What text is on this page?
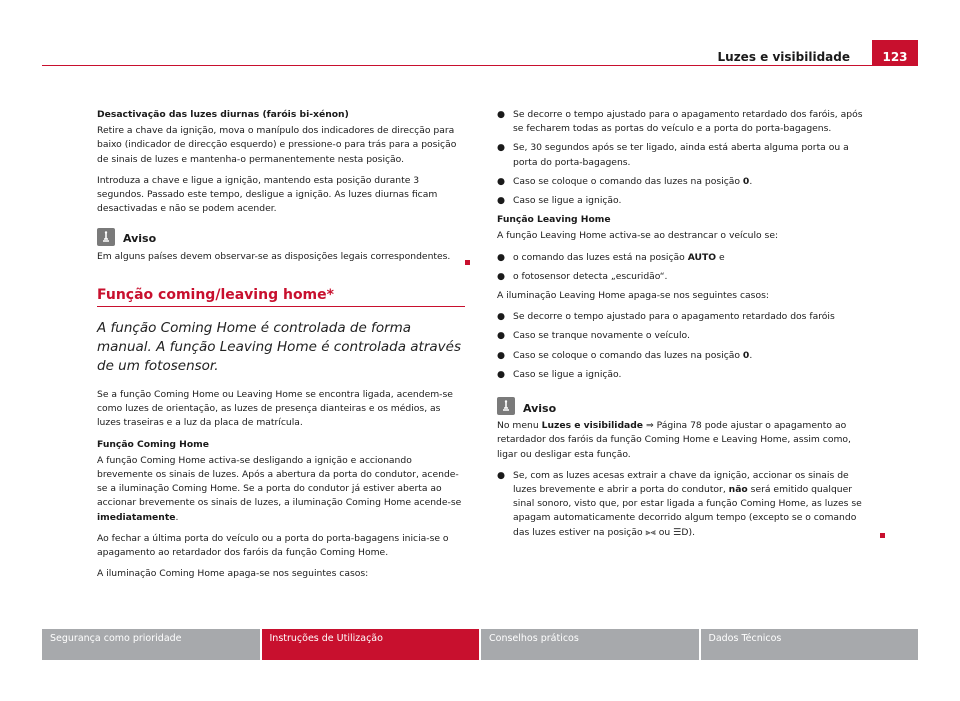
Luzes e visibilidade	123

Desactivação das luzes diurnas (faróis bi-xénon)

Retire a chave da ignição, mova o manípulo dos indicadores de direcção para baixo (indicador de direcção esquerdo) e pressione-o para trás para a posição de sinais de luzes e mantenha-o permanentemente nesta posição.

Introduza a chave e ligue a ignição, mantendo esta posição durante 3 segundos. Passado este tempo, desligue a ignição. As luzes diurnas ficam desactivadas e não se podem acender.

Aviso

Em alguns países devem observar-se as disposições legais correspondentes.

Função coming/leaving home*
A função Coming Home é controlada de forma manual. A função Leaving Home é controlada através de um fotosensor.

Se a função Coming Home ou Leaving Home se encontra ligada, acendem-se como luzes de orientação, as luzes de presença dianteiras e os médios, as luzes traseiras e a luz da placa de matrícula.

Função Coming Home

A função Coming Home activa-se desligando a ignição e accionando brevemente os sinais de luzes. Após a abertura da porta do condutor, acende-se a iluminação Coming Home. Se a porta do condutor já estiver aberta ao accionar brevemente os sinais de luzes, a iluminação Coming Home acende-se imediatamente.

Ao fechar a última porta do veículo ou a porta do porta-bagagens inicia-se o apagamento ao retardador dos faróis da função Coming Home.

A iluminação Coming Home apaga-se nos seguintes casos:

● Se decorre o tempo ajustado para o apagamento retardado dos faróis, após se fecharem todas as portas do veículo e a porta do porta-bagagens.
● Se, 30 segundos após se ter ligado, ainda está aberta alguma porta ou a porta do porta-bagagens.
● Caso se coloque o comando das luzes na posição 0.
● Caso se ligue a ignição.

Função Leaving Home

A função Leaving Home activa-se ao destrancar o veículo se:

● o comando das luzes está na posição AUTO e
● o fotosensor detecta „escuridão“.

A iluminação Leaving Home apaga-se nos seguintes casos:

● Se decorre o tempo ajustado para o apagamento retardado dos faróis
● Caso se tranque novamente o veículo.
● Caso se coloque o comando das luzes na posição 0.
● Caso se ligue a ignição.
Aviso

No menu Luzes e visibilidade ⇒ Página 78 pode ajustar o apagamento ao retardador dos faróis da função Coming Home e Leaving Home, assim como, ligar ou desligar esta função.

● Se, com as luzes acesas extrair a chave da ignição, accionar os sinais de luzes brevemente e abrir a porta do condutor, não será emitido qualquer sinal sonoro, visto que, por estar ligada a função Coming Home, as luzes se apagam automaticamente decorrido algum tempo (excepto se o comando das luzes estiver na posição ⫸⫷ ou ☰D).
Segurança como prioridade	Instruções de Utilização	Conselhos práticos	Dados Técnicos
